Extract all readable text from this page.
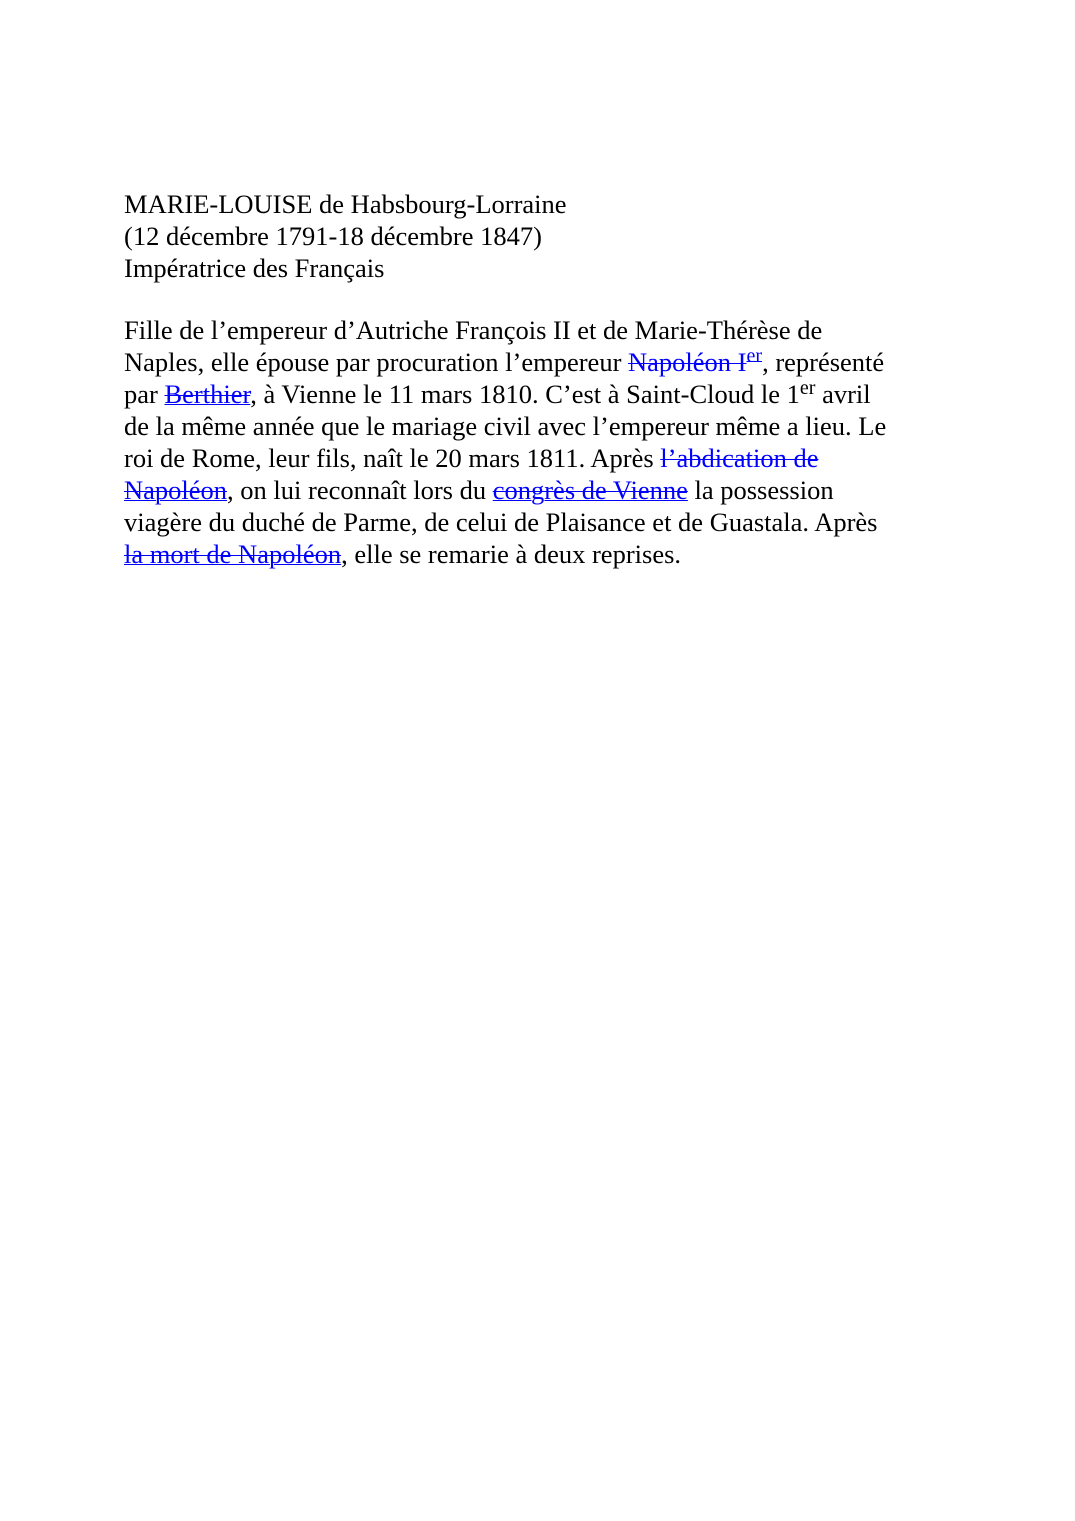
MARIE-LOUISE de Habsbourg-Lorraine
(12 décembre 1791-18 décembre 1847)
Impératrice des Français
Fille de l’empereur d’Autriche François II et de Marie-Thérèse de
Naples, elle épouse par procuration l’empereur Napoléon Ier, représenté
par Berthier, à Vienne le 11 mars 1810. C’est à Saint-Cloud le 1er avril
de la même année que le mariage civil avec l’empereur même a lieu. Le
roi de Rome, leur fils, naît le 20 mars 1811. Après l’abdication de
Napoléon, on lui reconnaît lors du congrès de Vienne la possession
viagère du duché de Parme, de celui de Plaisance et de Guastala. Après
la mort de Napoléon, elle se remarie à deux reprises.
